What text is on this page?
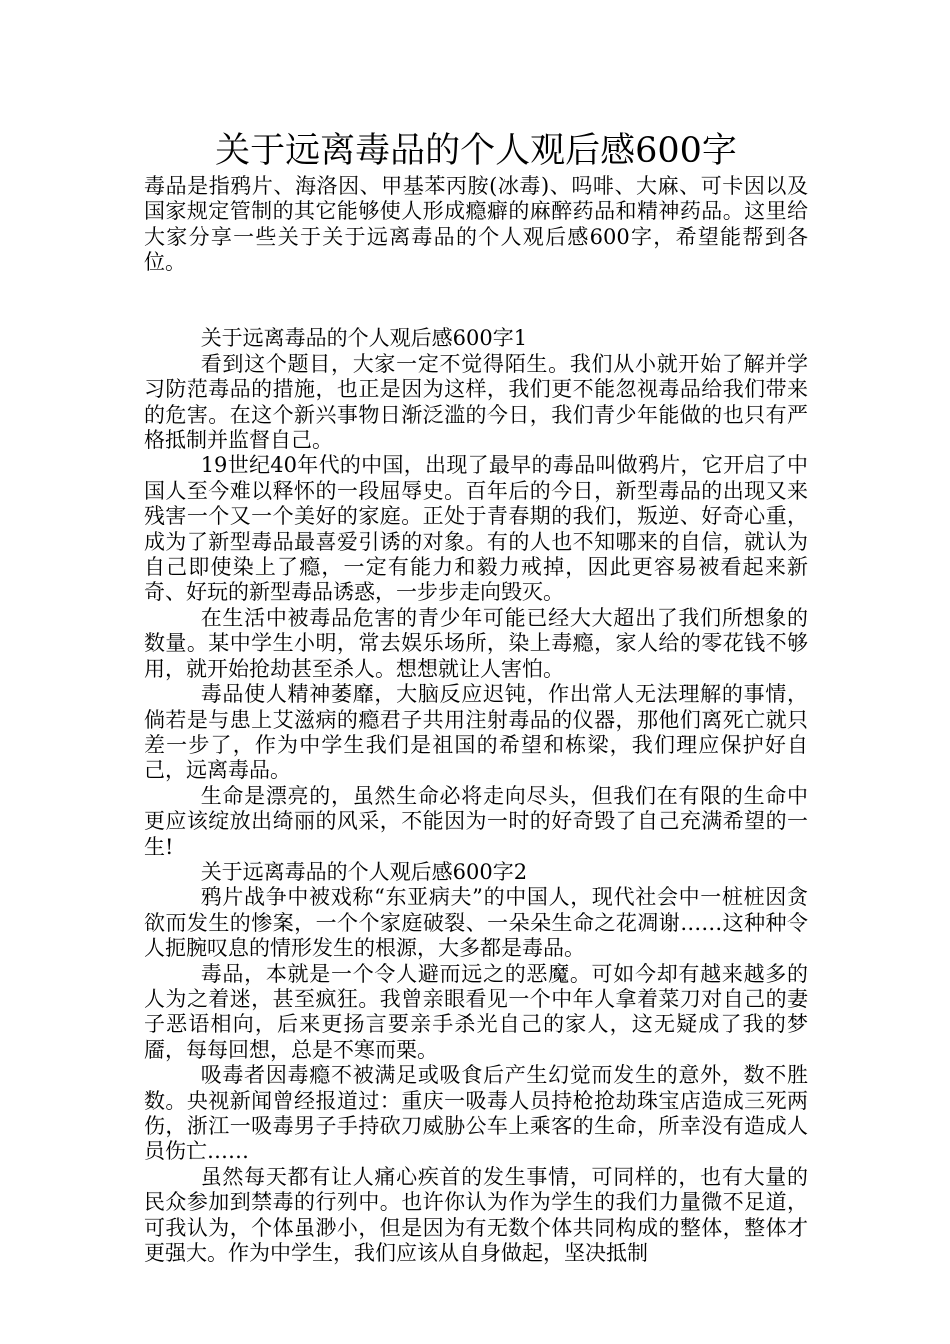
关于远离毒品的个人观后感600字

毒品是指鸦片、海洛因、甲基苯丙胺(冰毒)、吗啡、大麻、可卡因以及国家规定管制的其它能够使人形成瘾癖的麻醉药品和精神药品。这里给大家分享一些关于关于远离毒品的个人观后感600字，希望能帮到各位。

关于远离毒品的个人观后感600字1

看到这个题目，大家一定不觉得陌生。我们从小就开始了解并学习防范毒品的措施，也正是因为这样，我们更不能忽视毒品给我们带来的危害。在这个新兴事物日渐泛滥的今日，我们青少年能做的也只有严格抵制并监督自己。

19世纪40年代的中国，出现了最早的毒品叫做鸦片，它开启了中国人至今难以释怀的一段屈辱史。百年后的今日，新型毒品的出现又来残害一个又一个美好的家庭。正处于青春期的我们，叛逆、好奇心重，成为了新型毒品最喜爱引诱的对象。有的人也不知哪来的自信，就认为自己即使染上了瘾，一定有能力和毅力戒掉，因此更容易被看起来新奇、好玩的新型毒品诱惑，一步步走向毁灭。

在生活中被毒品危害的青少年可能已经大大超出了我们所想象的数量。某中学生小明，常去娱乐场所，染上毒瘾，家人给的零花钱不够用，就开始抢劫甚至杀人。想想就让人害怕。

毒品使人精神萎靡，大脑反应迟钝，作出常人无法理解的事情，倘若是与患上艾滋病的瘾君子共用注射毒品的仪器，那他们离死亡就只差一步了，作为中学生我们是祖国的希望和栋梁，我们理应保护好自己，远离毒品。

生命是漂亮的，虽然生命必将走向尽头，但我们在有限的生命中更应该绽放出绮丽的风采，不能因为一时的好奇毁了自己充满希望的一生!

关于远离毒品的个人观后感600字2

鸦片战争中被戏称“东亚病夫”的中国人，现代社会中一桩桩因贪欲而发生的惨案，一个个家庭破裂、一朵朵生命之花凋谢……这种种令人扼腕叹息的情形发生的根源，大多都是毒品。

毒品，本就是一个令人避而远之的恶魔。可如今却有越来越多的人为之着迷，甚至疯狂。我曾亲眼看见一个中年人拿着菜刀对自己的妻子恶语相向，后来更扬言要亲手杀光自己的家人，这无疑成了我的梦靥，每每回想，总是不寒而栗。

吸毒者因毒瘾不被满足或吸食后产生幻觉而发生的意外，数不胜数。央视新闻曾经报道过：重庆一吸毒人员持枪抢劫珠宝店造成三死两伤，浙江一吸毒男子手持砍刀威胁公车上乘客的生命，所幸没有造成人员伤亡……

虽然每天都有让人痛心疾首的发生事情，可同样的，也有大量的民众参加到禁毒的行列中。也许你认为作为学生的我们力量微不足道，可我认为，个体虽渺小，但是因为有无数个体共同构成的整体，整体才更强大。作为中学生，我们应该从自身做起，坚决抵制
